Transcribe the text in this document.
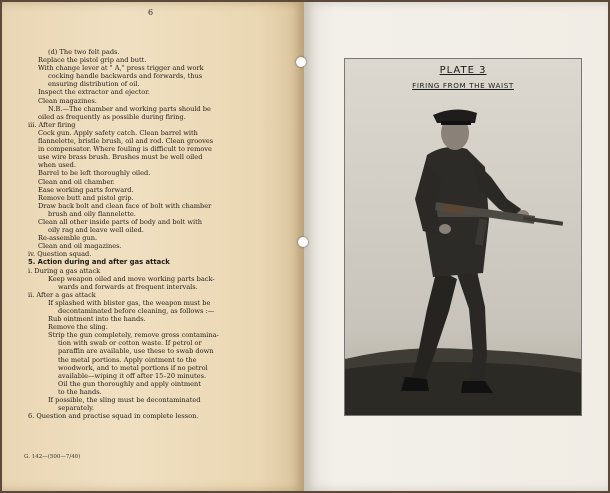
6
(d) The two felt pads.
Replace the pistol grip and butt.
With change lever at " A," press trigger and work
cocking handle backwards and forwards, thus
ensuring distribution of oil.
Inspect the extractor and ejector.
Clean magazines.
N.B.—The chamber and working parts should be
oiled as frequently as possible during firing.
iii. After firing
Cock gun. Apply safety catch. Clean barrel with
flannelette, bristle brush, oil and rod. Clean grooves
in compensator. Where fouling is difficult to remove
use wire brass brush. Brushes must be well oiled
when used.
Barrel to be left thoroughly oiled.
Clean and oil chamber.
Ease working parts forward.
Remove butt and pistol grip.
Draw back bolt and clean face of bolt with chamber
brush and oily flannelette.
Clean all other inside parts of body and bolt with
oily rag and leave well oiled.
Re-assemble gun.
Clean and oil magazines.
iv. Question squad.
5. Action during and after gas attack
i. During a gas attack
Keep weapon oiled and move working parts back-
wards and forwards at frequent intervals.
ii. After a gas attack
If splashed with blister gas, the weapon must be
decontaminated before cleaning, as follows :—
Rub ointment into the hands.
Remove the sling.
Strip the gun completely, remove gross contamina-
tion with swab or cotton waste. If petrol or
paraffin are available, use these to swab down
the metal portions. Apply ointment to the
woodwork, and to metal portions if no petrol
available—wiping it off after 15–20 minutes.
Oil the gun thoroughly and apply ointment
to the hands.
If possible, the sling must be decontaminated
separately.
6. Question and practise squad in complete lesson.
G. 142—(500—7/40)
PLATE 3
FIRING FROM THE WAIST
